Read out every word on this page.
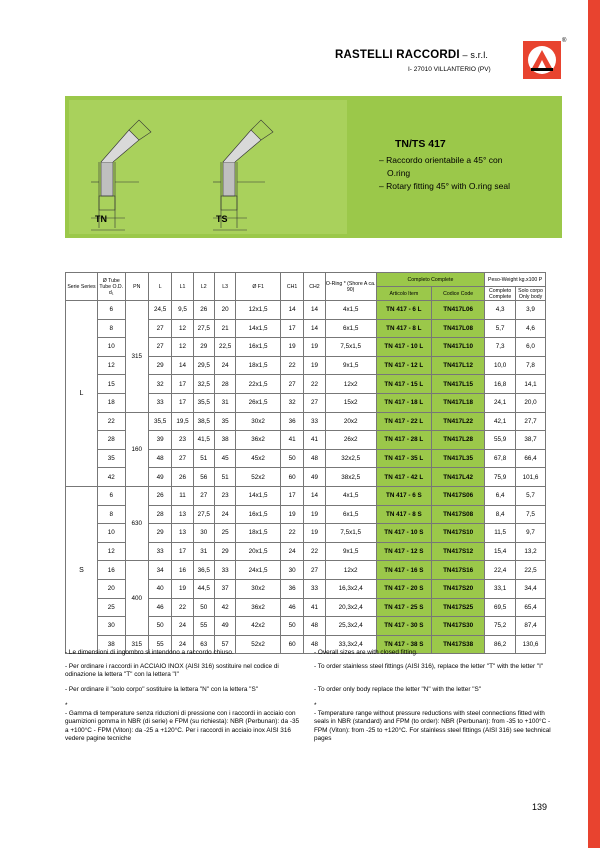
RASTELLI RACCORDI – s.r.l.
I- 27010 VILLANTERIO (PV)
®
TN	TS
TN/TS 417
– Raccordo orientabile a 45° con
O.ring
– Rotary fitting 45° with O.ring seal
Serie Series	Ø Tube Tube O.D. d₁	PN	L	L1	L2	L3	Ø F1	CH1	CH2	O-Ring * (Shore A ca. 90)	Completo Complete		Peso-Weight kg.x100 P	
											Articolo Item	Codice Code	Completo Complete	Solo corpo Only body
L	6	315	24,5	9,5	26	20	12x1,5	14	14	4x1,5	TN 417 - 6 L	TN417L06	4,3	3,9
	8		27	12	27,5	21	14x1,5	17	14	6x1,5	TN 417 - 8 L	TN417L08	5,7	4,6
	10		27	12	29	22,5	16x1,5	19	19	7,5x1,5	TN 417 - 10 L	TN417L10	7,3	6,0
	12		29	14	29,5	24	18x1,5	22	19	9x1,5	TN 417 - 12 L	TN417L12	10,0	7,8
	15		32	17	32,5	28	22x1,5	27	22	12x2	TN 417 - 15 L	TN417L15	16,8	14,1
	18		33	17	35,5	31	26x1,5	32	27	15x2	TN 417 - 18 L	TN417L18	24,1	20,0
	22	160	35,5	19,5	38,5	35	30x2	36	33	20x2	TN 417 - 22 L	TN417L22	42,1	27,7
	28		39	23	41,5	38	36x2	41	41	26x2	TN 417 - 28 L	TN417L28	55,9	38,7
	35		48	27	51	45	45x2	50	48	32x2,5	TN 417 - 35 L	TN417L35	67,8	66,4
	42		49	26	56	51	52x2	60	49	38x2,5	TN 417 - 42 L	TN417L42	75,9	101,6
S	6	630	26	11	27	23	14x1,5	17	14	4x1,5	TN 417 - 6 S	TN417S06	6,4	5,7
	8		28	13	27,5	24	16x1,5	19	19	6x1,5	TN 417 - 8 S	TN417S08	8,4	7,5
	10		29	13	30	25	18x1,5	22	19	7,5x1,5	TN 417 - 10 S	TN417S10	11,5	9,7
	12		33	17	31	29	20x1,5	24	22	9x1,5	TN 417 - 12 S	TN417S12	15,4	13,2
	16	400	34	16	36,5	33	24x1,5	30	27	12x2	TN 417 - 16 S	TN417S16	22,4	22,5
	20		40	19	44,5	37	30x2	36	33	16,3x2,4	TN 417 - 20 S	TN417S20	33,1	34,4
	25		46	22	50	42	36x2	46	41	20,3x2,4	TN 417 - 25 S	TN417S25	69,5	65,4
	30		50	24	55	49	42x2	50	48	25,3x2,4	TN 417 - 30 S	TN417S30	75,2	87,4
	38	315	55	24	63	57	52x2	60	48	33,3x2,4	TN 417 - 38 S	TN417S38	86,2	130,6
- Le dimensioni di ingombro si intendono a raccordo chiuso.
- Per ordinare i raccordi in ACCIAIO INOX (AISI 316) sostituire nel codice di odinazione la lettera "T" con la lettera "I"
- Per ordinare il "solo corpo" sostituire la lettera "N" con la lettera "S"
*
- Gamma di temperature senza riduzioni di pressione con i raccordi in acciaio con guarnizioni gomma in NBR (di serie) e FPM (su richiesta): NBR (Perbunan): da -35 a +100°C - FPM (Viton): da -25 a +120°C. Per i raccordi in acciaio inox AISI 316 vedere pagine tecniche
- Overall sizes are with closed fitting.
- To order stainless steel fittings (AISI 316), replace the letter "T" with the letter "I"
- To order only body replace the letter "N" with the letter "S"
*
- Temperature range without pressure reductions with steel connections fitted with seals in NBR (standard) and FPM (to order): NBR (Perbunan): from -35 to +100°C - FPM (Viton): from -25 to +120°C. For stainless steel fittings (AISI 316) see technical pages
139
